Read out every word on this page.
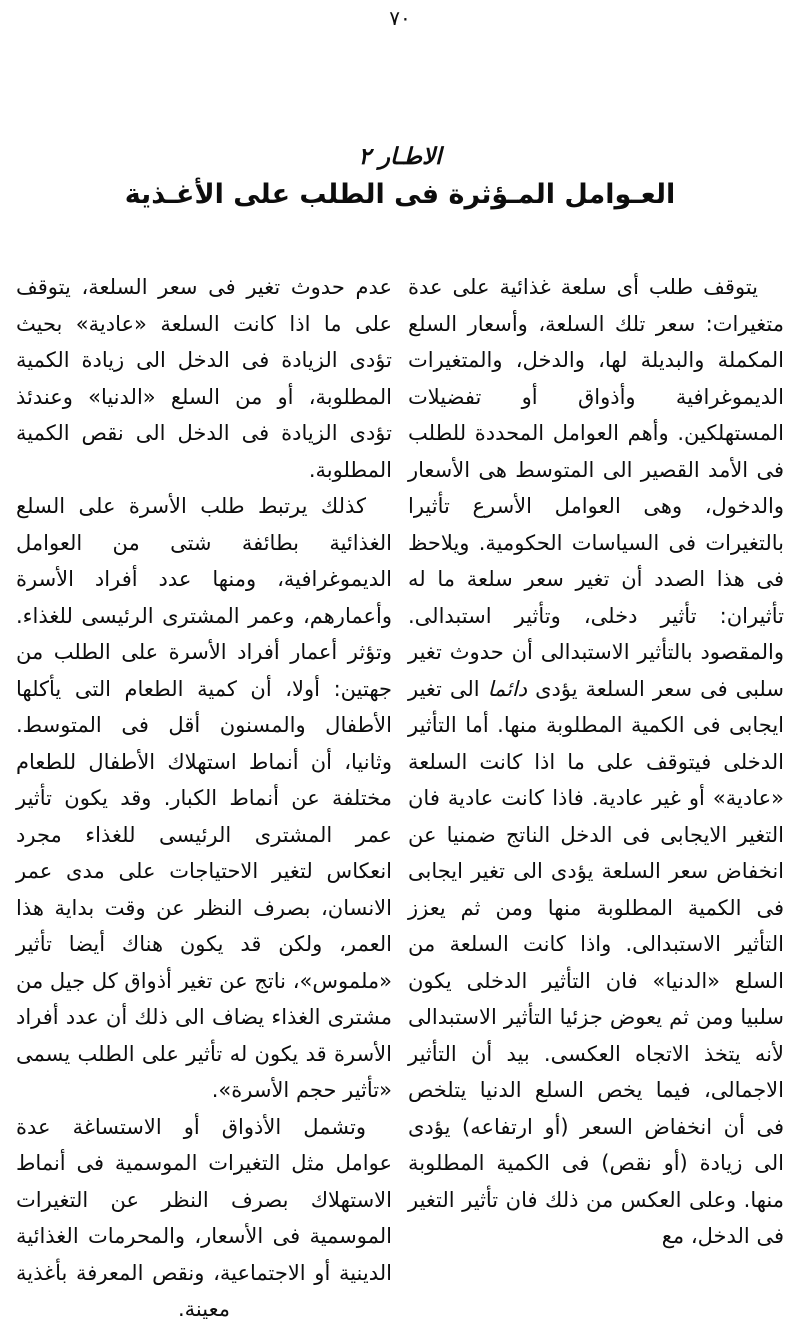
٧٠
الاطـار ٢
العـوامل المـؤثرة فى الطلب على الأغـذية

يتوقف طلب أى سلعة غذائية على عدة متغيرات: سعر تلك السلعة، وأسعار السلع المكملة والبديلة لها، والدخل، والمتغيرات الديموغرافية وأذواق أو تفضيلات المستهلكين. وأهم العوامل المحددة للطلب فى الأمد القصير الى المتوسط هى الأسعار والدخول، وهى العوامل الأسرع تأثيرا بالتغيرات فى السياسات الحكومية. ويلاحظ فى هذا الصدد أن تغير سعر سلعة ما له تأثيران: تأثير دخلى، وتأثير استبدالى. والمقصود بالتأثير الاستبدالى أن حدوث تغير سلبى فى سعر السلعة يؤدى دائما الى تغير ايجابى فى الكمية المطلوبة منها. أما التأثير الدخلى فيتوقف على ما اذا كانت السلعة «عادية» أو غير عادية. فاذا كانت عادية فان التغير الايجابى فى الدخل الناتج ضمنيا عن انخفاض سعر السلعة يؤدى الى تغير ايجابى فى الكمية المطلوبة منها ومن ثم يعزز التأثير الاستبدالى. واذا كانت السلعة من السلع «الدنيا» فان التأثير الدخلى يكون سلبيا ومن ثم يعوض جزئيا التأثير الاستبدالى لأنه يتخذ الاتجاه العكسى. بيد أن التأثير الاجمالى، فيما يخص السلع الدنيا يتلخص فى أن انخفاض السعر (أو ارتفاعه) يؤدى الى زيادة (أو نقص) فى الكمية المطلوبة منها. وعلى العكس من ذلك فان تأثير التغير فى الدخل، مع

عدم حدوث تغير فى سعر السلعة، يتوقف على ما اذا كانت السلعة «عادية» بحيث تؤدى الزيادة فى الدخل الى زيادة الكمية المطلوبة، أو من السلع «الدنيا» وعندئذ تؤدى الزيادة فى الدخل الى نقص الكمية المطلوبة.

كذلك يرتبط طلب الأسرة على السلع الغذائية بطائفة شتى من العوامل الديموغرافية، ومنها عدد أفراد الأسرة وأعمارهم، وعمر المشترى الرئيسى للغذاء. وتؤثر أعمار أفراد الأسرة على الطلب من جهتين: أولا، أن كمية الطعام التى يأكلها الأطفال والمسنون أقل فى المتوسط. وثانيا، أن أنماط استهلاك الأطفال للطعام مختلفة عن أنماط الكبار. وقد يكون تأثير عمر المشترى الرئيسى للغذاء مجرد انعكاس لتغير الاحتياجات على مدى عمر الانسان، بصرف النظر عن وقت بداية هذا العمر، ولكن قد يكون هناك أيضا تأثير «ملموس»، ناتج عن تغير أذواق كل جيل من مشترى الغذاء يضاف الى ذلك أن عدد أفراد الأسرة قد يكون له تأثير على الطلب يسمى «تأثير حجم الأسرة».

وتشمل الأذواق أو الاستساغة عدة عوامل مثل التغيرات الموسمية فى أنماط الاستهلاك بصرف النظر عن التغيرات الموسمية فى الأسعار، والمحرمات الغذائية الدينية أو الاجتماعية، ونقص المعرفة بأغذية معينة.
